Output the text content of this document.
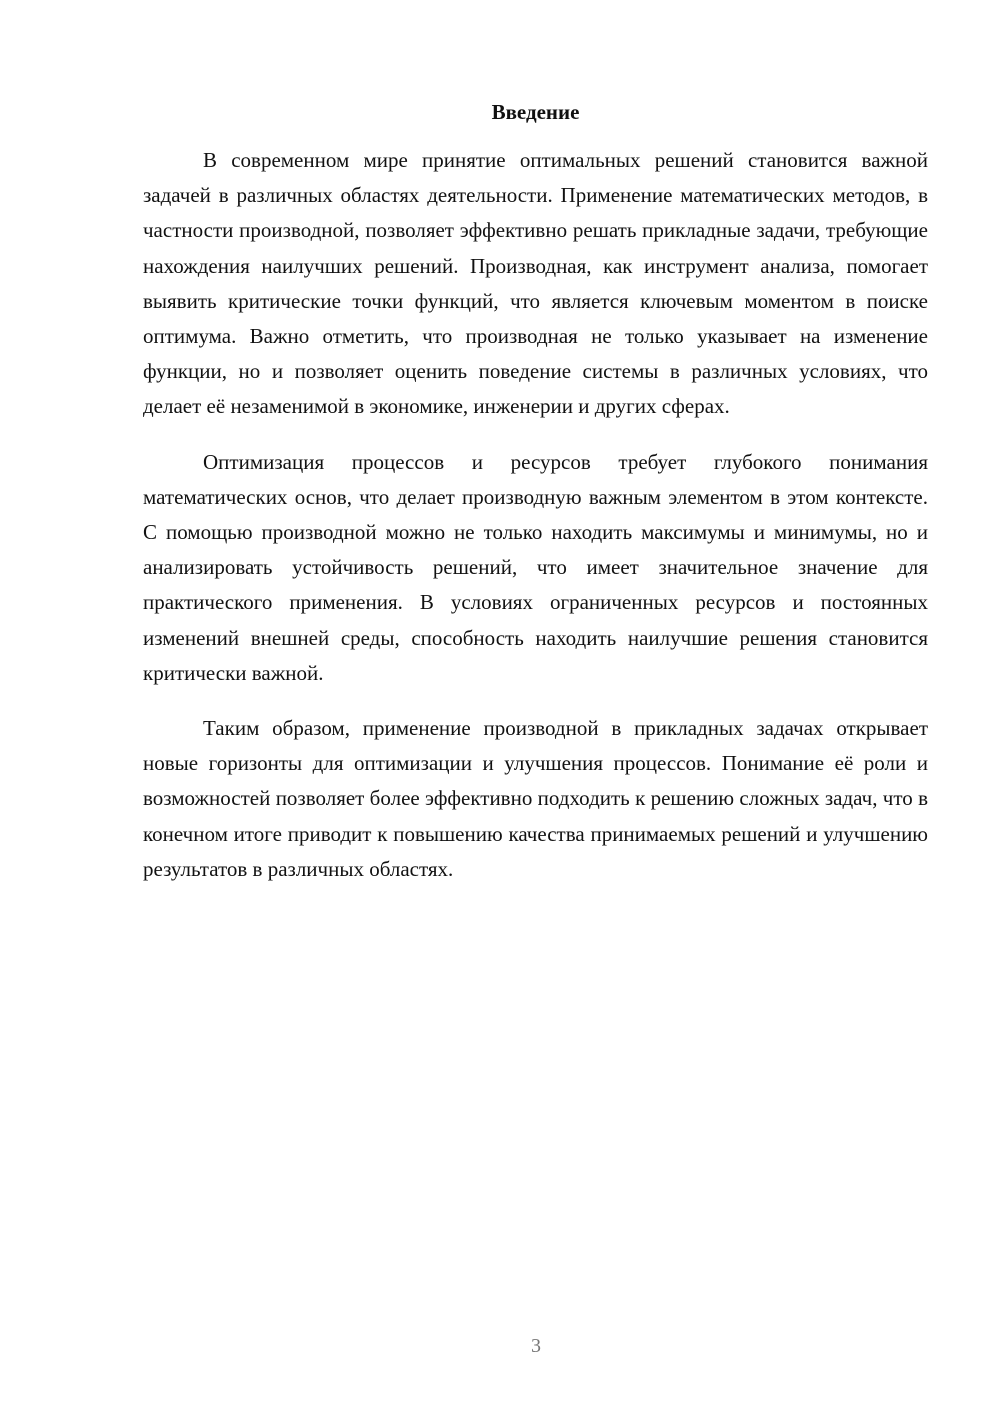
Введение

В современном мире принятие оптимальных решений становится важной задачей в различных областях деятельности. Применение математических методов, в частности производной, позволяет эффективно решать прикладные задачи, требующие нахождения наилучших решений. Производная, как инструмент анализа, помогает выявить критические точки функций, что является ключевым моментом в поиске оптимума. Важно отметить, что производная не только указывает на изменение функции, но и позволяет оценить поведение системы в различных условиях, что делает её незаменимой в экономике, инженерии и других сферах.

Оптимизация процессов и ресурсов требует глубокого понимания математических основ, что делает производную важным элементом в этом контексте. С помощью производной можно не только находить максимумы и минимумы, но и анализировать устойчивость решений, что имеет значительное значение для практического применения. В условиях ограниченных ресурсов и постоянных изменений внешней среды, способность находить наилучшие решения становится критически важной.

Таким образом, применение производной в прикладных задачах открывает новые горизонты для оптимизации и улучшения процессов. Понимание её роли и возможностей позволяет более эффективно подходить к решению сложных задач, что в конечном итоге приводит к повышению качества принимаемых решений и улучшению результатов в различных областях.

3
